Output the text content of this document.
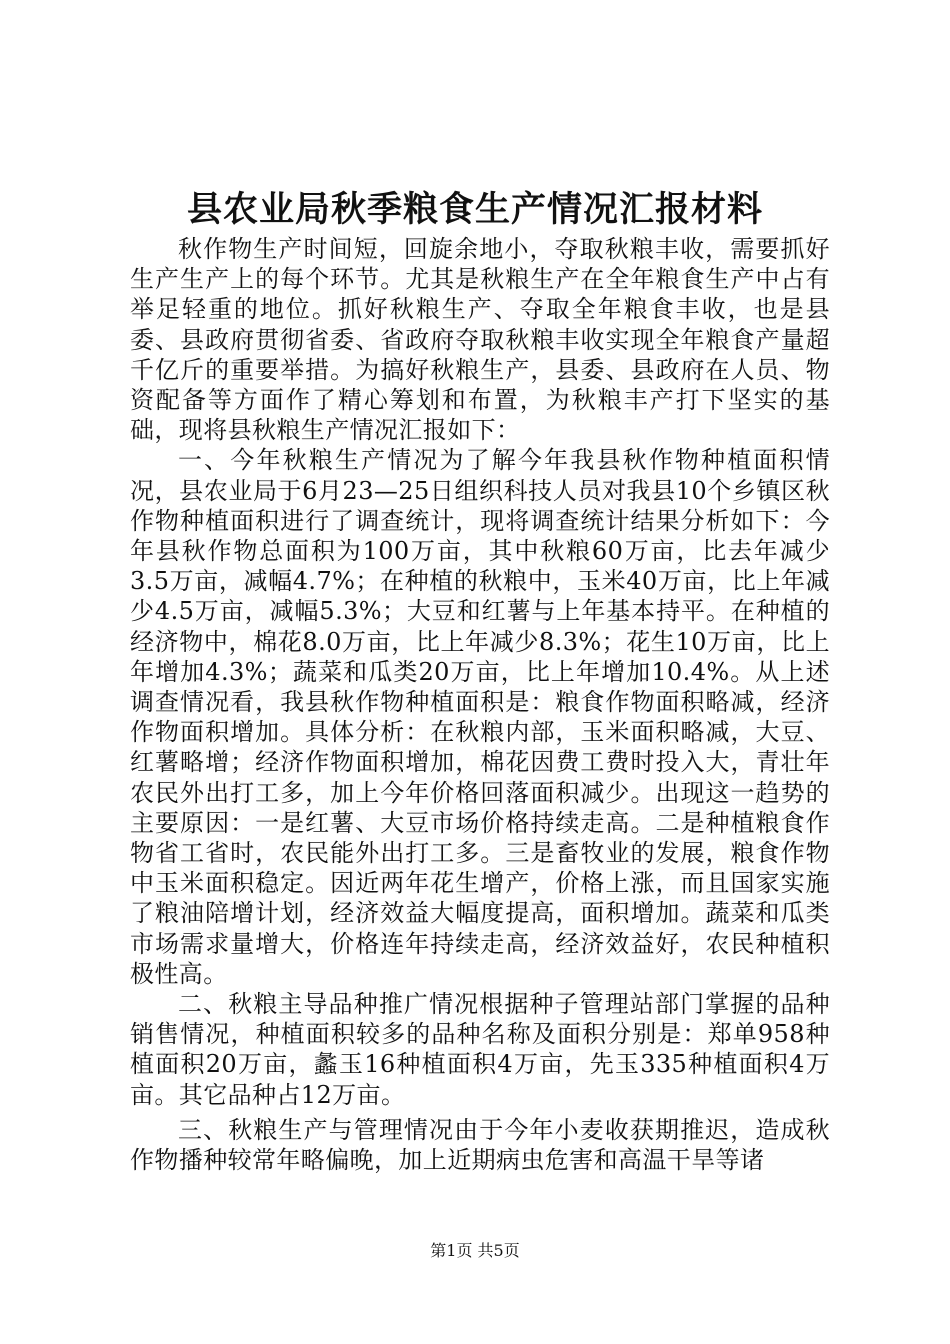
县农业局秋季粮食生产情况汇报材料

秋作物生产时间短，回旋余地小，夺取秋粮丰收，需要抓好生产生产上的每个环节。尤其是秋粮生产在全年粮食生产中占有举足轻重的地位。抓好秋粮生产、夺取全年粮食丰收，也是县委、县政府贯彻省委、省政府夺取秋粮丰收实现全年粮食产量超千亿斤的重要举措。为搞好秋粮生产，县委、县政府在人员、物资配备等方面作了精心筹划和布置，为秋粮丰产打下坚实的基础，现将县秋粮生产情况汇报如下：

一、今年秋粮生产情况为了解今年我县秋作物种植面积情况，县农业局于6月23—25日组织科技人员对我县10个乡镇区秋作物种植面积进行了调查统计，现将调查统计结果分析如下：今年县秋作物总面积为100万亩，其中秋粮60万亩，比去年减少3.5万亩，减幅4.7%；在种植的秋粮中，玉米40万亩，比上年减少4.5万亩，减幅5.3%；大豆和红薯与上年基本持平。在种植的经济物中，棉花8.0万亩，比上年减少8.3%；花生10万亩，比上年增加4.3%；蔬菜和瓜类20万亩，比上年增加10.4%。从上述调查情况看，我县秋作物种植面积是：粮食作物面积略减，经济作物面积增加。具体分析：在秋粮内部，玉米面积略减，大豆、红薯略增；经济作物面积增加，棉花因费工费时投入大，青壮年农民外出打工多，加上今年价格回落面积减少。出现这一趋势的主要原因：一是红薯、大豆市场价格持续走高。二是种植粮食作物省工省时，农民能外出打工多。三是畜牧业的发展，粮食作物中玉米面积稳定。因近两年花生增产，价格上涨，而且国家实施了粮油陪增计划，经济效益大幅度提高，面积增加。蔬菜和瓜类市场需求量增大，价格连年持续走高，经济效益好，农民种植积极性高。

二、秋粮主导品种推广情况根据种子管理站部门掌握的品种销售情况，种植面积较多的品种名称及面积分别是：郑单958种植面积20万亩，蠡玉16种植面积4万亩，先玉335种植面积4万亩。其它品种占12万亩。

三、秋粮生产与管理情况由于今年小麦收获期推迟，造成秋作物播种较常年略偏晚，加上近期病虫危害和高温干旱等诸

第1页 共5页
